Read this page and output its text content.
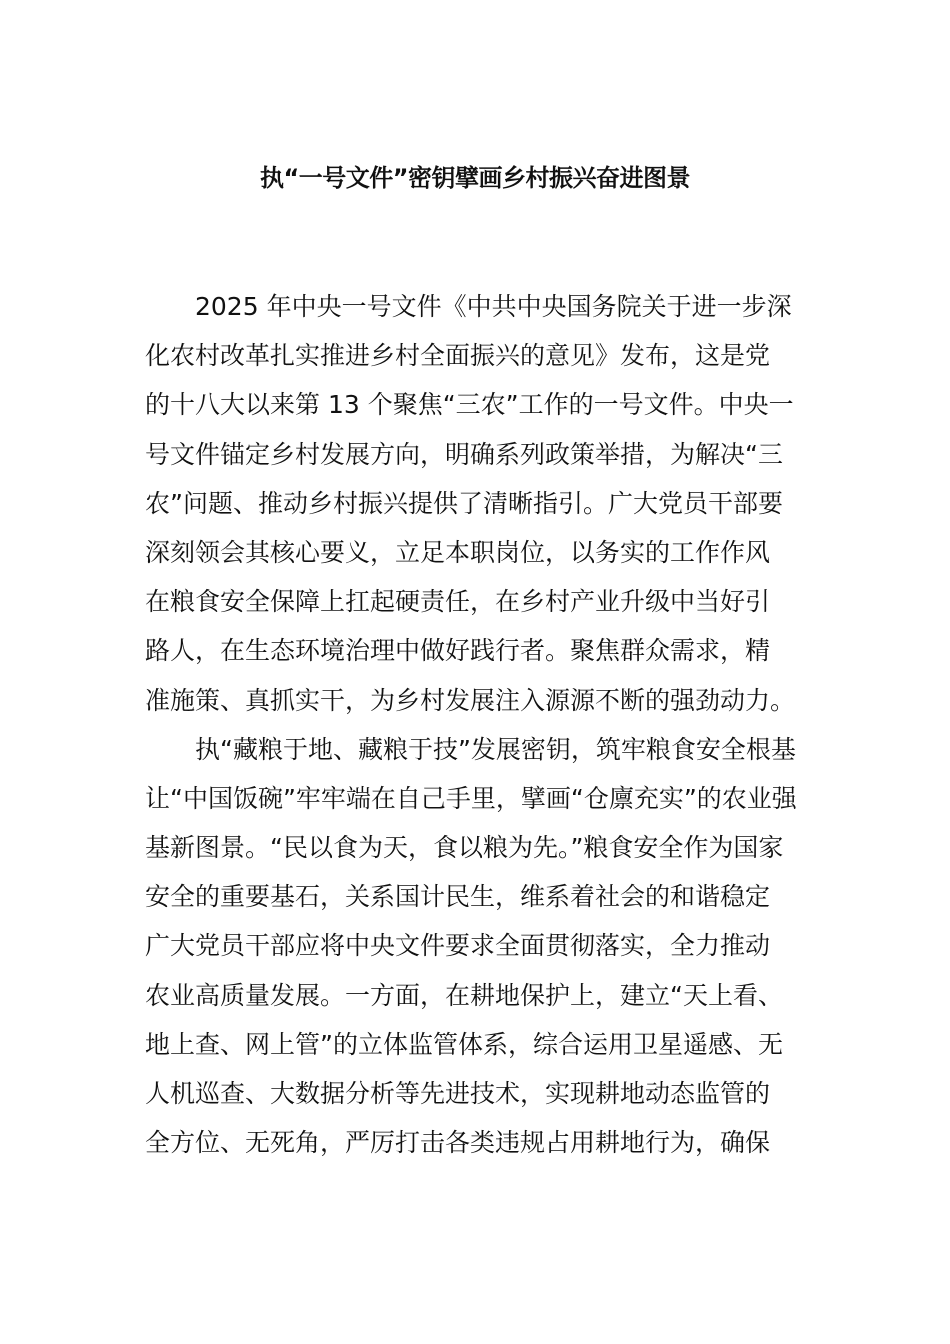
执“一号文件”密钥擘画乡村振兴奋进图景
2025 年中央一号文件《中共中央国务院关于进一步深
化农村改革扎实推进乡村全面振兴的意见》发布，这是党
的十八大以来第 13 个聚焦“三农”工作的一号文件。中央一
号文件锚定乡村发展方向，明确系列政策举措，为解决“三
农”问题、推动乡村振兴提供了清晰指引。广大党员干部要
深刻领会其核心要义，立足本职岗位，以务实的工作作风
在粮食安全保障上扛起硬责任，在乡村产业升级中当好引
路人，在生态环境治理中做好践行者。聚焦群众需求，精
准施策、真抓实干，为乡村发展注入源源不断的强劲动力。
执“藏粮于地、藏粮于技”发展密钥，筑牢粮食安全根基
让“中国饭碗”牢牢端在自己手里，擘画“仓廪充实”的农业强
基新图景。“民以食为天，食以粮为先。”粮食安全作为国家
安全的重要基石，关系国计民生，维系着社会的和谐稳定
广大党员干部应将中央文件要求全面贯彻落实，全力推动
农业高质量发展。一方面，在耕地保护上，建立“天上看、
地上查、网上管”的立体监管体系，综合运用卫星遥感、无
人机巡查、大数据分析等先进技术，实现耕地动态监管的
全方位、无死角，严厉打击各类违规占用耕地行为，确保
